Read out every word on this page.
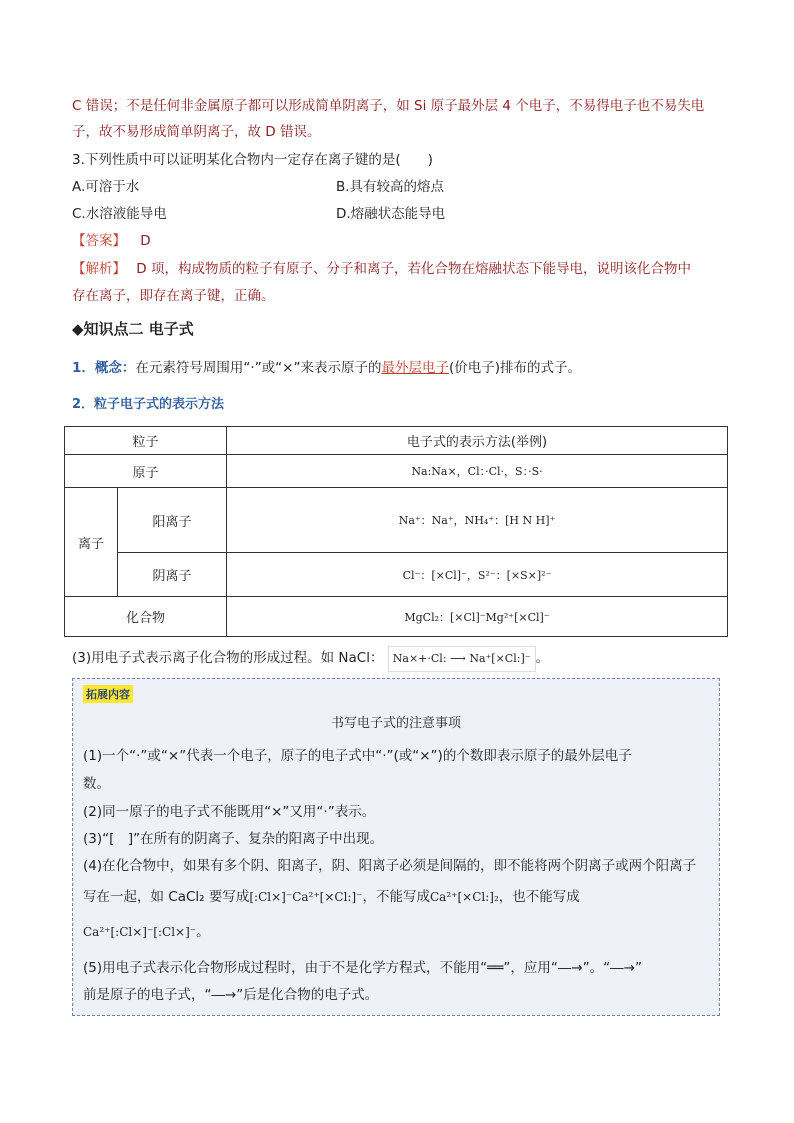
C 错误；不是任何非金属原子都可以形成简单阴离子，如 Si 原子最外层 4 个电子，不易得电子也不易失电
子，故不易形成简单阴离子，故 D 错误。
3.下列性质中可以证明某化合物内一定存在离子键的是(　　)
A.可溶于水	B.具有较高的熔点
C.水溶液能导电	D.熔融状态能导电
【答案】 D
【解析】 D 项，构成物质的粒子有原子、分子和离子，若化合物在熔融状态下能导电，说明该化合物中
存在离子，即存在离子键，正确。
◆知识点二 电子式
1．概念：在元素符号周围用“·”或“×”来表示原子的最外层电子(价电子)排布的式子。
2．粒子电子式的表示方法
粒子		电子式的表示方法(举例)
原子		Na:Na×，Cl：·Cl·，S：·S·
离子	阳离子	Na⁺：Na⁺，NH₄⁺：[H N H]⁺
	阴离子	Cl⁻：[×Cl]⁻，S²⁻：[×S×]²⁻
化合物		MgCl₂：[×Cl]⁻Mg²⁺[×Cl]⁻
(3)用电子式表示离子化合物的形成过程。如 NaCl： Na×+·Cl: ⟶ Na⁺[×Cl:]⁻ 。
拓展内容
书写电子式的注意事项
(1)一个“·”或“×”代表一个电子，原子的电子式中“·”(或“×”)的个数即表示原子的最外层电子
数。
(2)同一原子的电子式不能既用“×”又用“·”表示。
(3)“[　]”在所有的阴离子、复杂的阳离子中出现。
(4)在化合物中，如果有多个阴、阳离子，阴、阳离子必须是间隔的，即不能将两个阴离子或两个阳离子
写在一起，如 CaCl₂ 要写成[:Cl×]⁻Ca²⁺[×Cl:]⁻，不能写成Ca²⁺[×Cl:]₂，也不能写成
Ca²⁺[:Cl×]⁻[:Cl×]⁻。
(5)用电子式表示化合物形成过程时，由于不是化学方程式，不能用“══”，应用“―→”。“―→”
前是原子的电子式，“―→”后是化合物的电子式。
